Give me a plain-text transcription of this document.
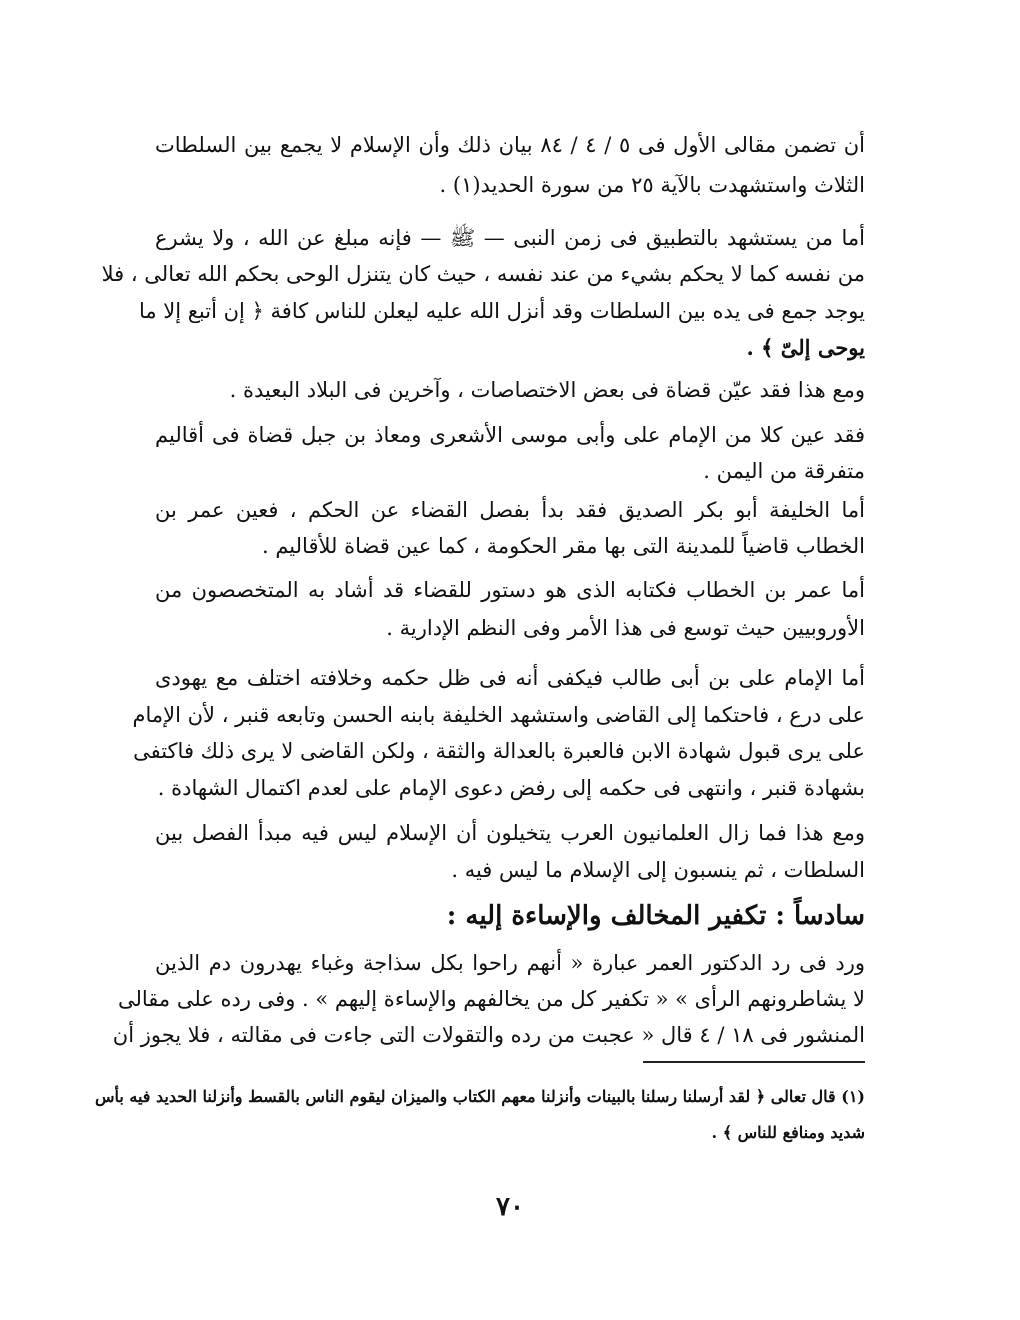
أن تضمن مقالى الأول فى ٥ / ٤ / ٨٤ بيان ذلك وأن الإسلام لا يجمع بين السلطات
الثلاث واستشهدت بالآية ٢٥ من سورة الحديد(١) .
أما من يستشهد بالتطبيق فى زمن النبى — ﷺ — فإنه مبلغ عن الله ، ولا يشرع
من نفسه كما لا يحكم بشيء من عند نفسه ، حيث كان يتنزل الوحى بحكم الله تعالى ، فلا
يوجد جمع فى يده بين السلطات وقد أنزل الله عليه ليعلن للناس كافة ﴿ إن أتبع إلا ما
يوحى إلىّ ﴾ .
ومع هذا فقد عيّن قضاة فى بعض الاختصاصات ، وآخرين فى البلاد البعيدة .
فقد عين كلا من الإمام على وأبى موسى الأشعرى ومعاذ بن جبل قضاة فى أقاليم
متفرقة من اليمن .
أما الخليفة أبو بكر الصديق فقد بدأ بفصل القضاء عن الحكم ، فعين عمر بن
الخطاب قاضياً للمدينة التى بها مقر الحكومة ، كما عين قضاة للأقاليم .
أما عمر بن الخطاب فكتابه الذى هو دستور للقضاء قد أشاد به المتخصصون من
الأوروبيين حيث توسع فى هذا الأمر وفى النظم الإدارية .
أما الإمام على بن أبى طالب فيكفى أنه فى ظل حكمه وخلافته اختلف مع يهودى
على درع ، فاحتكما إلى القاضى واستشهد الخليفة بابنه الحسن وتابعه قنبر ، لأن الإمام
على يرى قبول شهادة الابن فالعبرة بالعدالة والثقة ، ولكن القاضى لا يرى ذلك فاكتفى
بشهادة قنبر ، وانتهى فى حكمه إلى رفض دعوى الإمام على لعدم اكتمال الشهادة .
ومع هذا فما زال العلمانيون العرب يتخيلون أن الإسلام ليس فيه مبدأ الفصل بين
السلطات ، ثم ينسبون إلى الإسلام ما ليس فيه .
سادساً : تكفير المخالف والإساءة إليه :
ورد فى رد الدكتور العمر عبارة « أنهم راحوا بكل سذاجة وغباء يهدرون دم الذين
لا يشاطرونهم الرأى » « تكفير كل من يخالفهم والإساءة إليهم » . وفى رده على مقالى
المنشور فى ١٨ / ٤ قال « عجبت من رده والتقولات التى جاءت فى مقالته ، فلا يجوز أن
(١) قال تعالى ﴿ لقد أرسلنا رسلنا بالبينات وأنزلنا معهم الكتاب والميزان ليقوم الناس بالقسط وأنزلنا الحديد فيه بأس
شديد ومنافع للناس ﴾ .
٧٠
